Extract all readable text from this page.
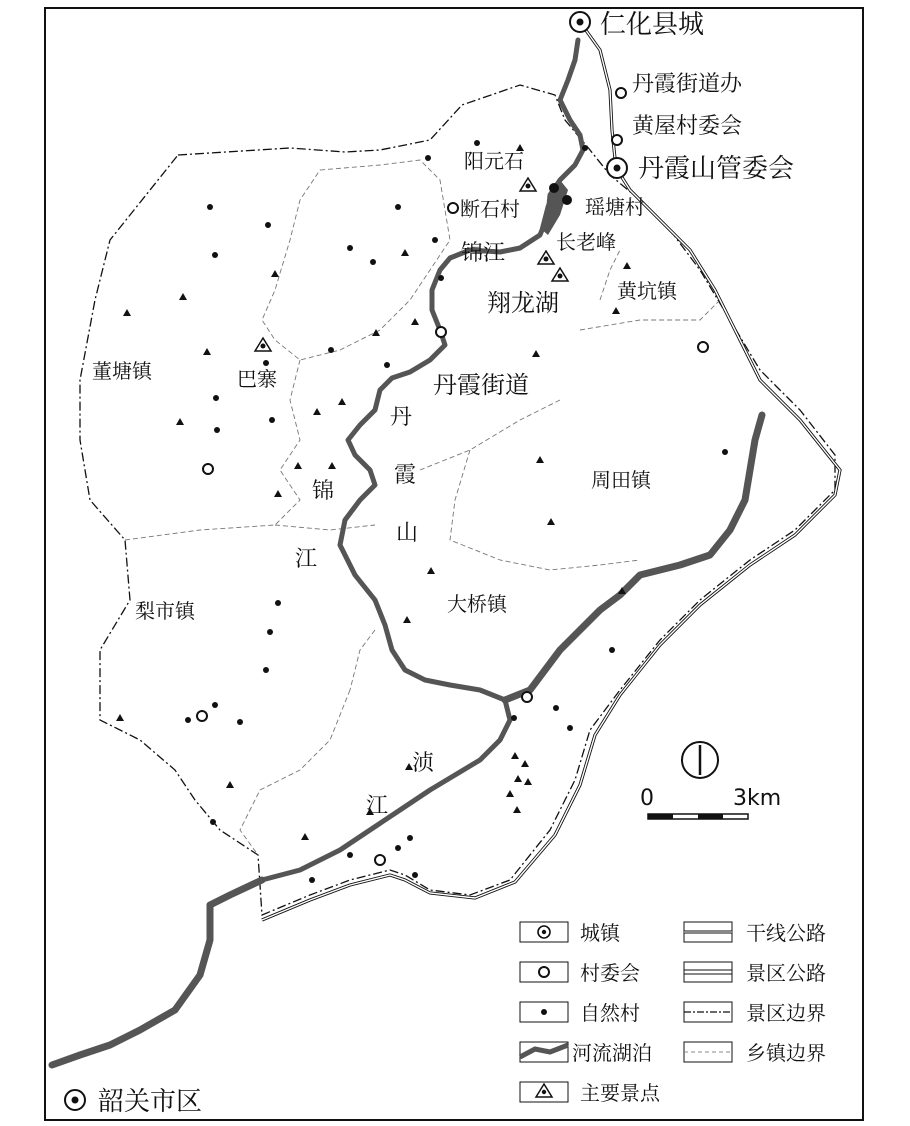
仁化县城
丹霞街道办
黄屋村委会
丹霞山管委会
阳元石
断石村	瑶塘村
锦江	长老峰
翔龙湖	黄坑镇
董塘镇	巴寨	丹霞街道
周田镇
梨市镇	大桥镇
韶关市区
锦
江
丹
霞
山
浈
江	0	3km
城镇	干线公路
村委会	景区公路
自然村	景区边界
河流湖泊	乡镇边界
主要景点
